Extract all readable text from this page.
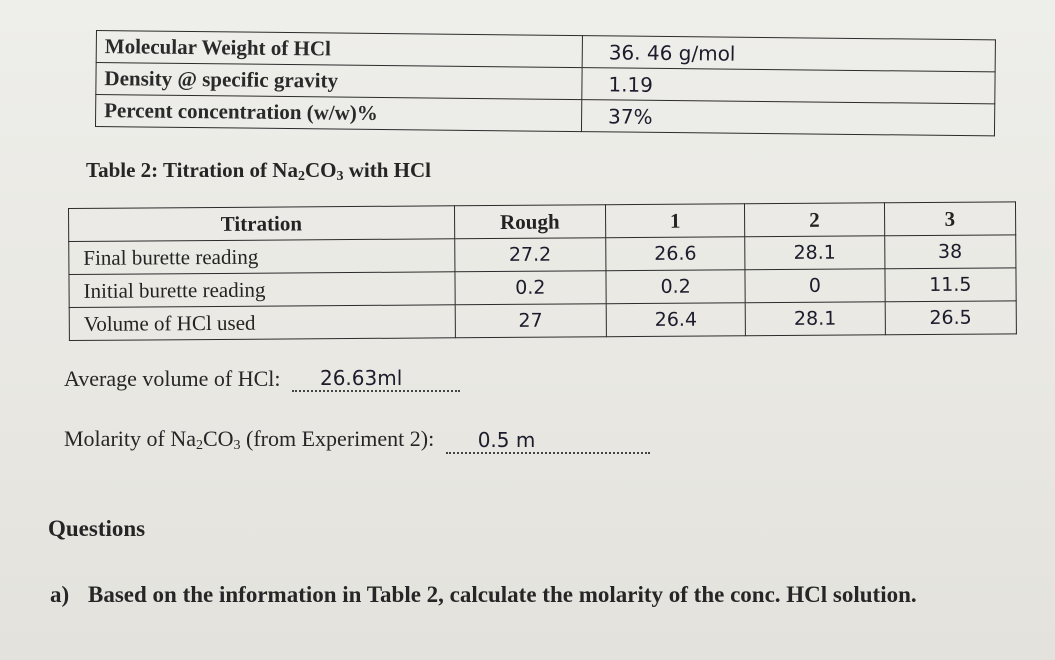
Molecular Weight of HCl	36. 46 g/mol
Density @ specific gravity	1.19
Percent concentration (w/w)%	37%
Table 2: Titration of $Na_2CO_3$ with HCl
Titration	Rough	1	2	3
Final burette reading	27.2	26.6	28.1	38
Initial burette reading	0.2	0.2	0	11.5
Volume of HCl used	27	26.4	28.1	26.5
Average volume of HCl: 26.63ml
Molarity of $Na_2CO_3$ (from Experiment 2): 0.5 m
Questions
a) Based on the information in Table 2, calculate the molarity of the conc. HCl solution.
